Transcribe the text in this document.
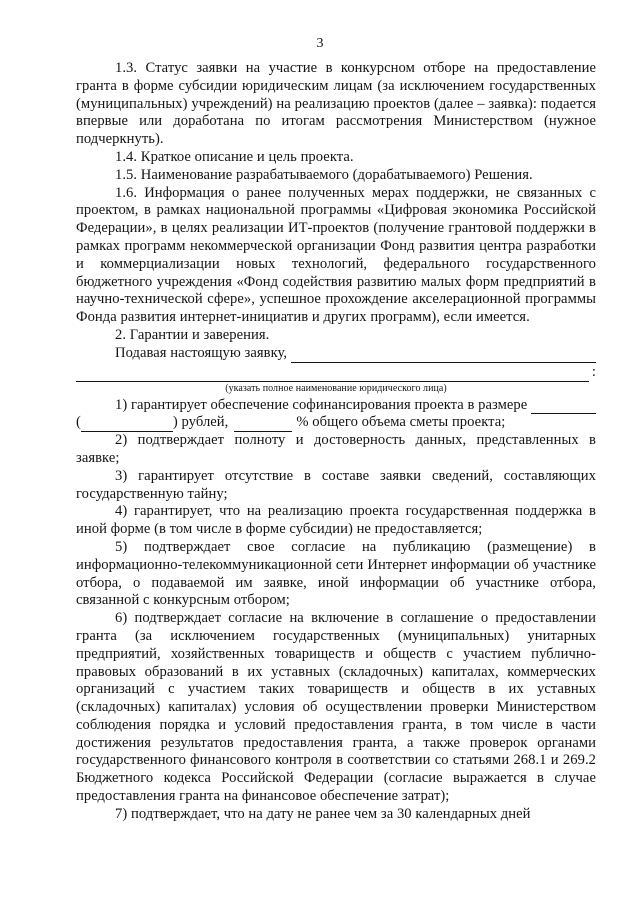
3

1.3. Статус заявки на участие в конкурсном отборе на предоставление гранта в форме субсидии юридическим лицам (за исключением государственных (муниципальных) учреждений) на реализацию проектов (далее – заявка): подается впервые или доработана по итогам рассмотрения Министерством (нужное подчеркнуть).

1.4. Краткое описание и цель проекта.

1.5. Наименование разрабатываемого (дорабатываемого) Решения.

1.6. Информация о ранее полученных мерах поддержки, не связанных с проектом, в рамках национальной программы «Цифровая экономика Российской Федерации», в целях реализации ИТ-проектов (получение грантовой поддержки в рамках программ некоммерческой организации Фонд развития центра разработки и коммерциализации новых технологий, федерального государственного бюджетного учреждения «Фонд содействия развитию малых форм предприятий в научно-технической сфере», успешное прохождение акселерационной программы Фонда развития интернет-инициатив и других программ), если имеется.

2. Гарантии и заверения.

Подавая настоящую заявку,

:
(указать полное наименование юридического лица)

1) гарантирует обеспечение софинансирования проекта в размере

(	) рублей,	% общего объема сметы проекта;

2) подтверждает полноту и достоверность данных, представленных в заявке;

3) гарантирует отсутствие в составе заявки сведений, составляющих государственную тайну;

4) гарантирует, что на реализацию проекта государственная поддержка в иной форме (в том числе в форме субсидии) не предоставляется;

5) подтверждает свое согласие на публикацию (размещение) в информационно-телекоммуникационной сети Интернет информации об участнике отбора, о подаваемой им заявке, иной информации об участнике отбора, связанной с конкурсным отбором;

6) подтверждает согласие на включение в соглашение о предоставлении гранта (за исключением государственных (муниципальных) унитарных предприятий, хозяйственных товариществ и обществ с участием публично-правовых образований в их уставных (складочных) капиталах, коммерческих организаций с участием таких товариществ и обществ в их уставных (складочных) капиталах) условия об осуществлении проверки Министерством соблюдения порядка и условий предоставления гранта, в том числе в части достижения результатов предоставления гранта, а также проверок органами государственного финансового контроля в соответствии со статьями 268.1 и 269.2 Бюджетного кодекса Российской Федерации (согласие выражается в случае предоставления гранта на финансовое обеспечение затрат);

7) подтверждает, что на дату не ранее чем за 30 календарных дней
